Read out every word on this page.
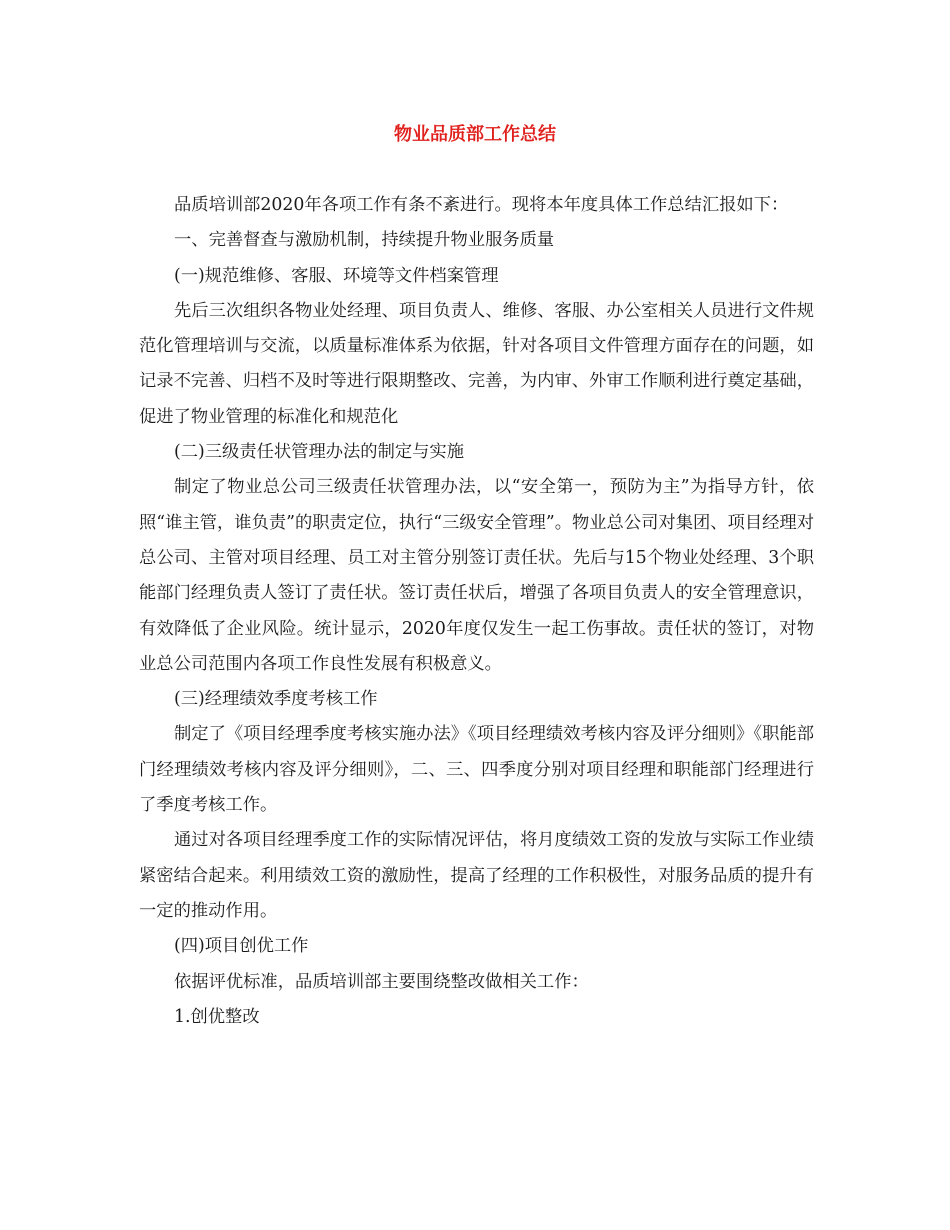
物业品质部工作总结

品质培训部2020年各项工作有条不紊进行。现将本年度具体工作总结汇报如下：

一、完善督查与激励机制，持续提升物业服务质量

(一)规范维修、客服、环境等文件档案管理

先后三次组织各物业处经理、项目负责人、维修、客服、办公室相关人员进行文件规范化管理培训与交流，以质量标准体系为依据，针对各项目文件管理方面存在的问题，如记录不完善、归档不及时等进行限期整改、完善，为内审、外审工作顺利进行奠定基础，促进了物业管理的标准化和规范化

(二)三级责任状管理办法的制定与实施

制定了物业总公司三级责任状管理办法，以“安全第一，预防为主”为指导方针，依照“谁主管，谁负责”的职责定位，执行“三级安全管理”。物业总公司对集团、项目经理对总公司、主管对项目经理、员工对主管分别签订责任状。先后与15个物业处经理、3个职能部门经理负责人签订了责任状。签订责任状后，增强了各项目负责人的安全管理意识，有效降低了企业风险。统计显示，2020年度仅发生一起工伤事故。责任状的签订，对物业总公司范围内各项工作良性发展有积极意义。

(三)经理绩效季度考核工作

制定了《项目经理季度考核实施办法》《项目经理绩效考核内容及评分细则》《职能部门经理绩效考核内容及评分细则》，二、三、四季度分别对项目经理和职能部门经理进行了季度考核工作。

通过对各项目经理季度工作的实际情况评估，将月度绩效工资的发放与实际工作业绩紧密结合起来。利用绩效工资的激励性，提高了经理的工作积极性，对服务品质的提升有一定的推动作用。

(四)项目创优工作

依据评优标准，品质培训部主要围绕整改做相关工作：

1.创优整改
